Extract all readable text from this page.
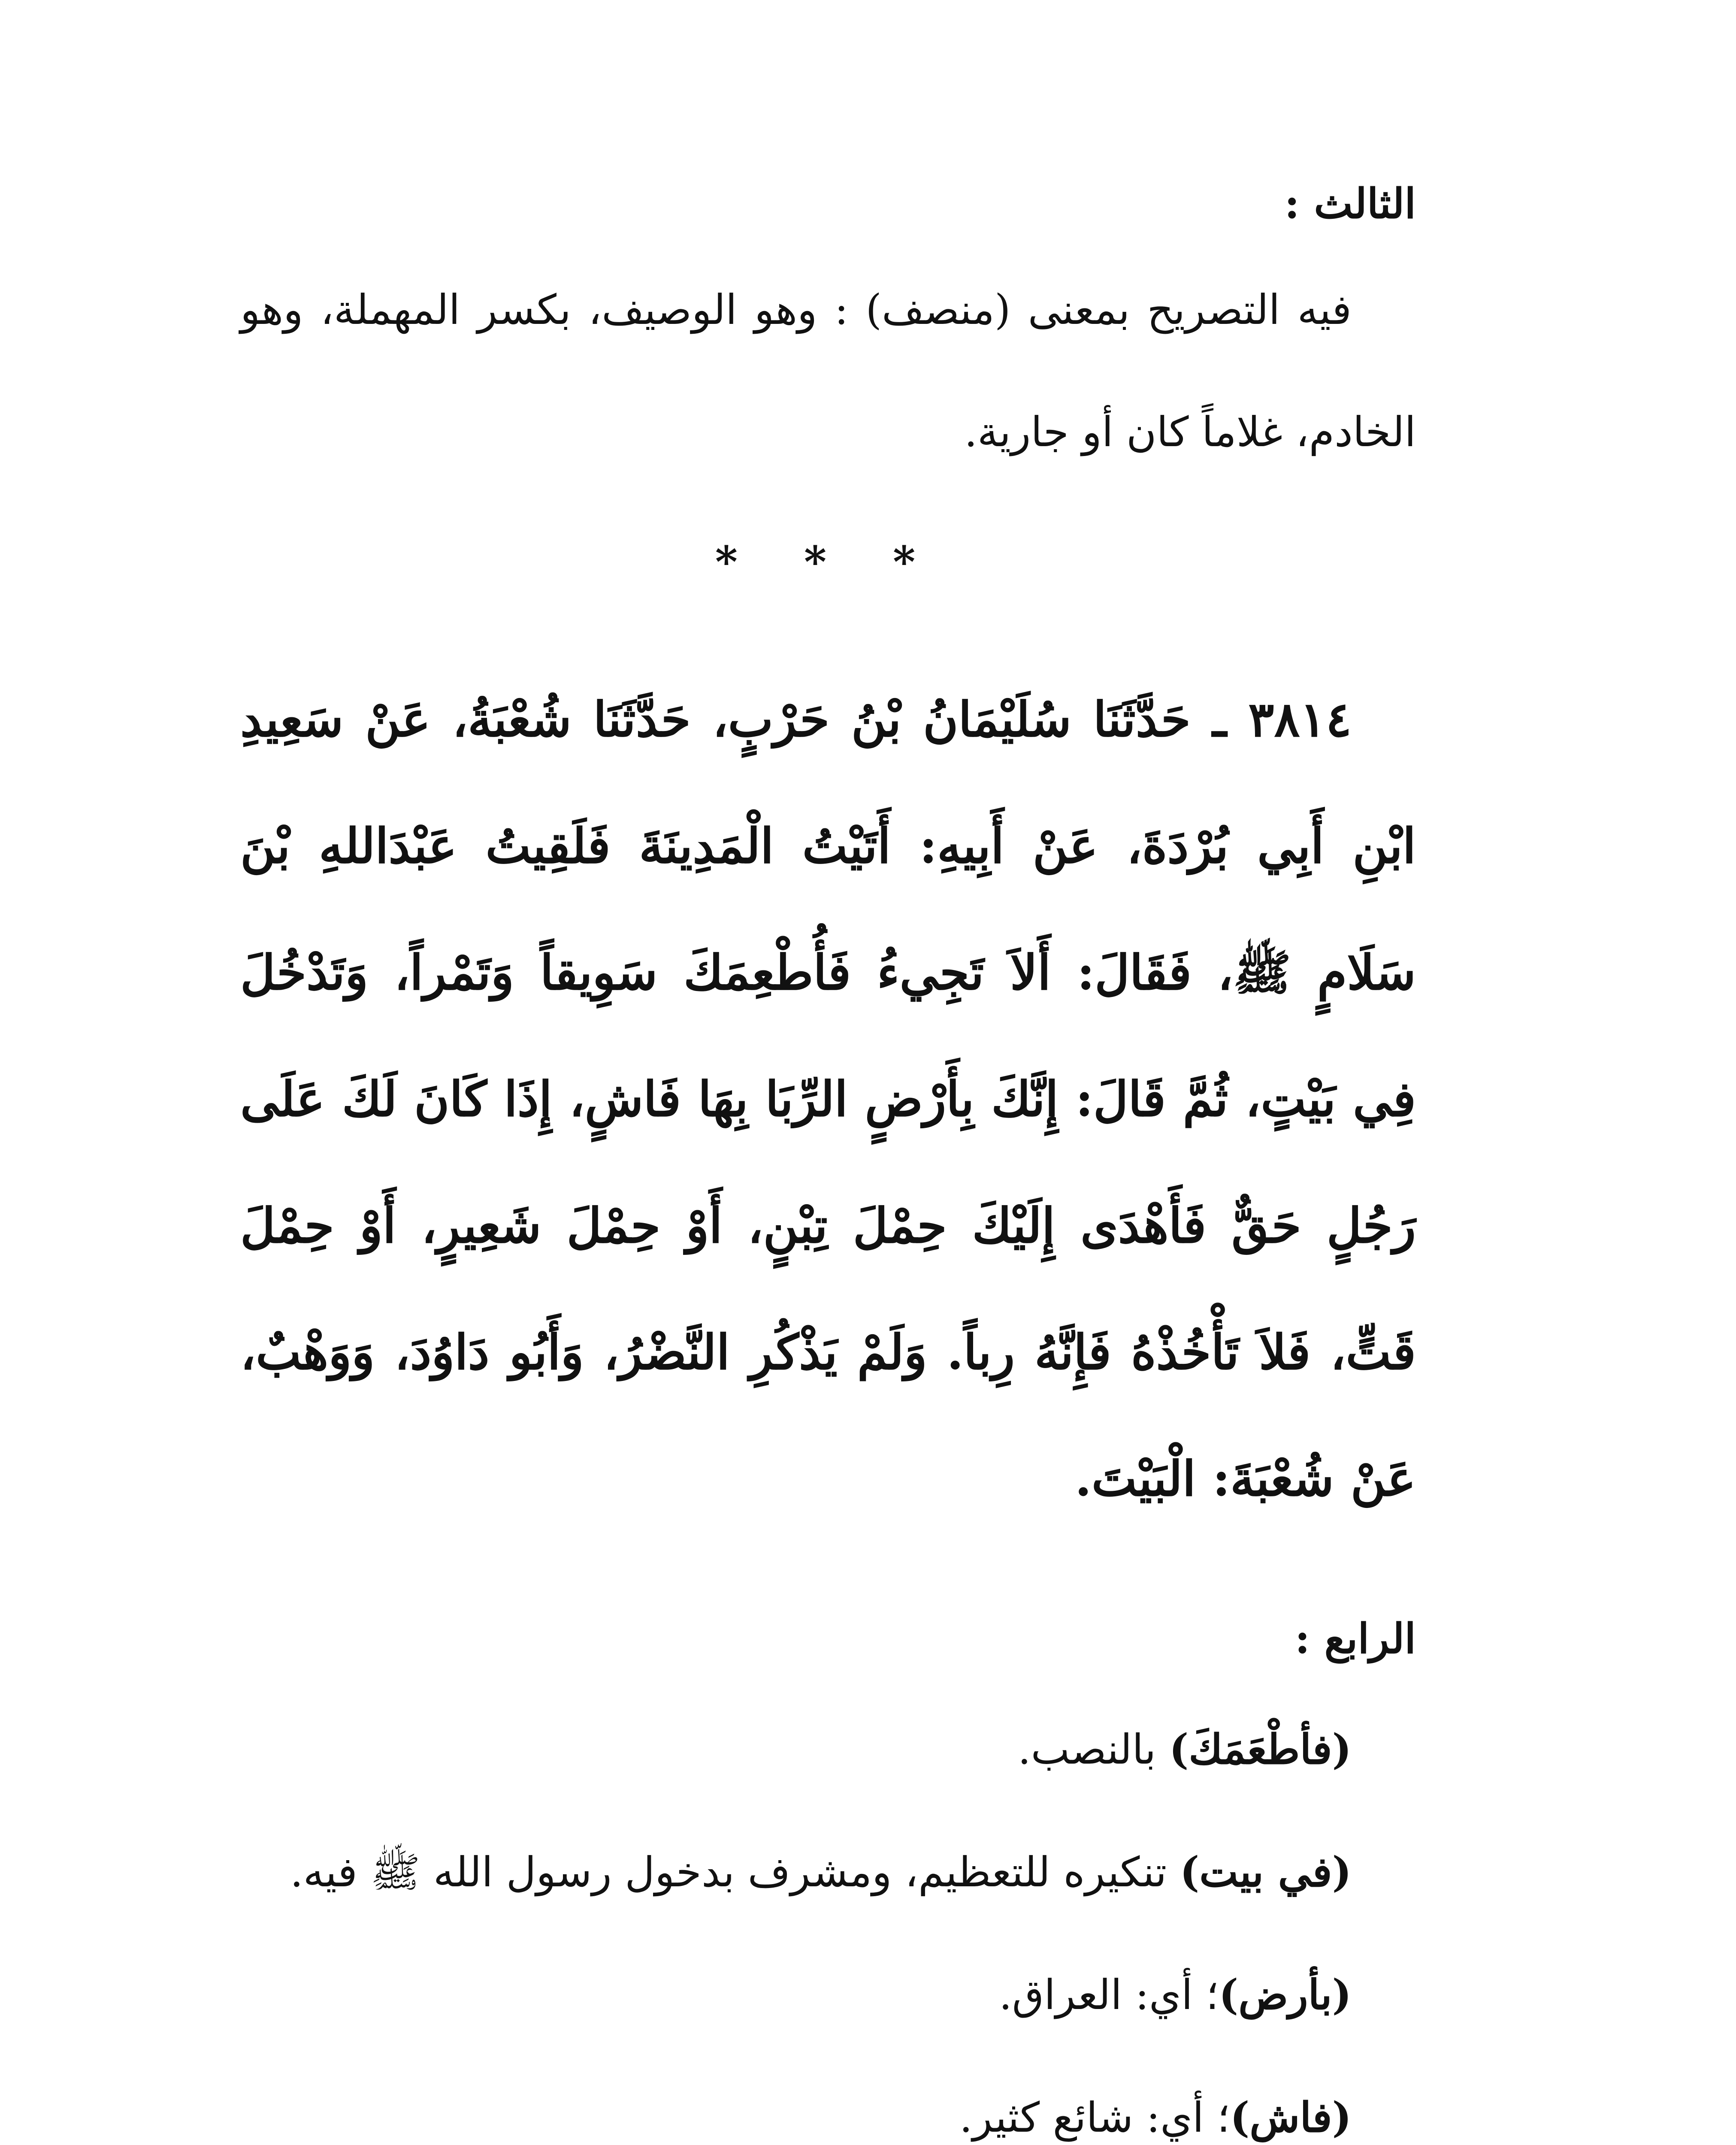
الثالث :

فيه التصريح بمعنى (منصف) : وهو الوصيف، بكسر المهملة، وهو الخادم، غلاماً كان أو جارية.

* * *

٣٨١٤ ـ حَدَّثَنَا سُلَيْمَانُ بْنُ حَرْبٍ، حَدَّثَنَا شُعْبَةُ، عَنْ سَعِيدِ ابْنِ أَبِي بُرْدَةَ، عَنْ أَبِيهِ: أَتَيْتُ الْمَدِينَةَ فَلَقِيتُ عَبْدَاللهِ بْنَ سَلَامٍ ﷺ، فَقَالَ: أَلاَ تَجِيءُ فَأُطْعِمَكَ سَوِيقاً وَتَمْراً، وَتَدْخُلَ فِي بَيْتٍ، ثُمَّ قَالَ: إِنَّكَ بِأَرْضٍ الرِّبَا بِهَا فَاشٍ، إِذَا كَانَ لَكَ عَلَى رَجُلٍ حَقٌّ فَأَهْدَى إِلَيْكَ حِمْلَ تِبْنٍ، أَوْ حِمْلَ شَعِيرٍ، أَوْ حِمْلَ قَتٍّ، فَلاَ تَأْخُذْهُ فَإِنَّهُ رِباً. وَلَمْ يَذْكُرِ النَّضْرُ، وَأَبُو دَاوُدَ، وَوَهْبٌ، عَنْ شُعْبَةَ: الْبَيْتَ.

الرابع :

(فأطْعَمَكَ) بالنصب.

(في بيت) تنكيره للتعظيم، ومشرف بدخول رسول الله ﷺ فيه.

(بأرض)؛ أي: العراق.

(فاش)؛ أي: شائع كثير.
